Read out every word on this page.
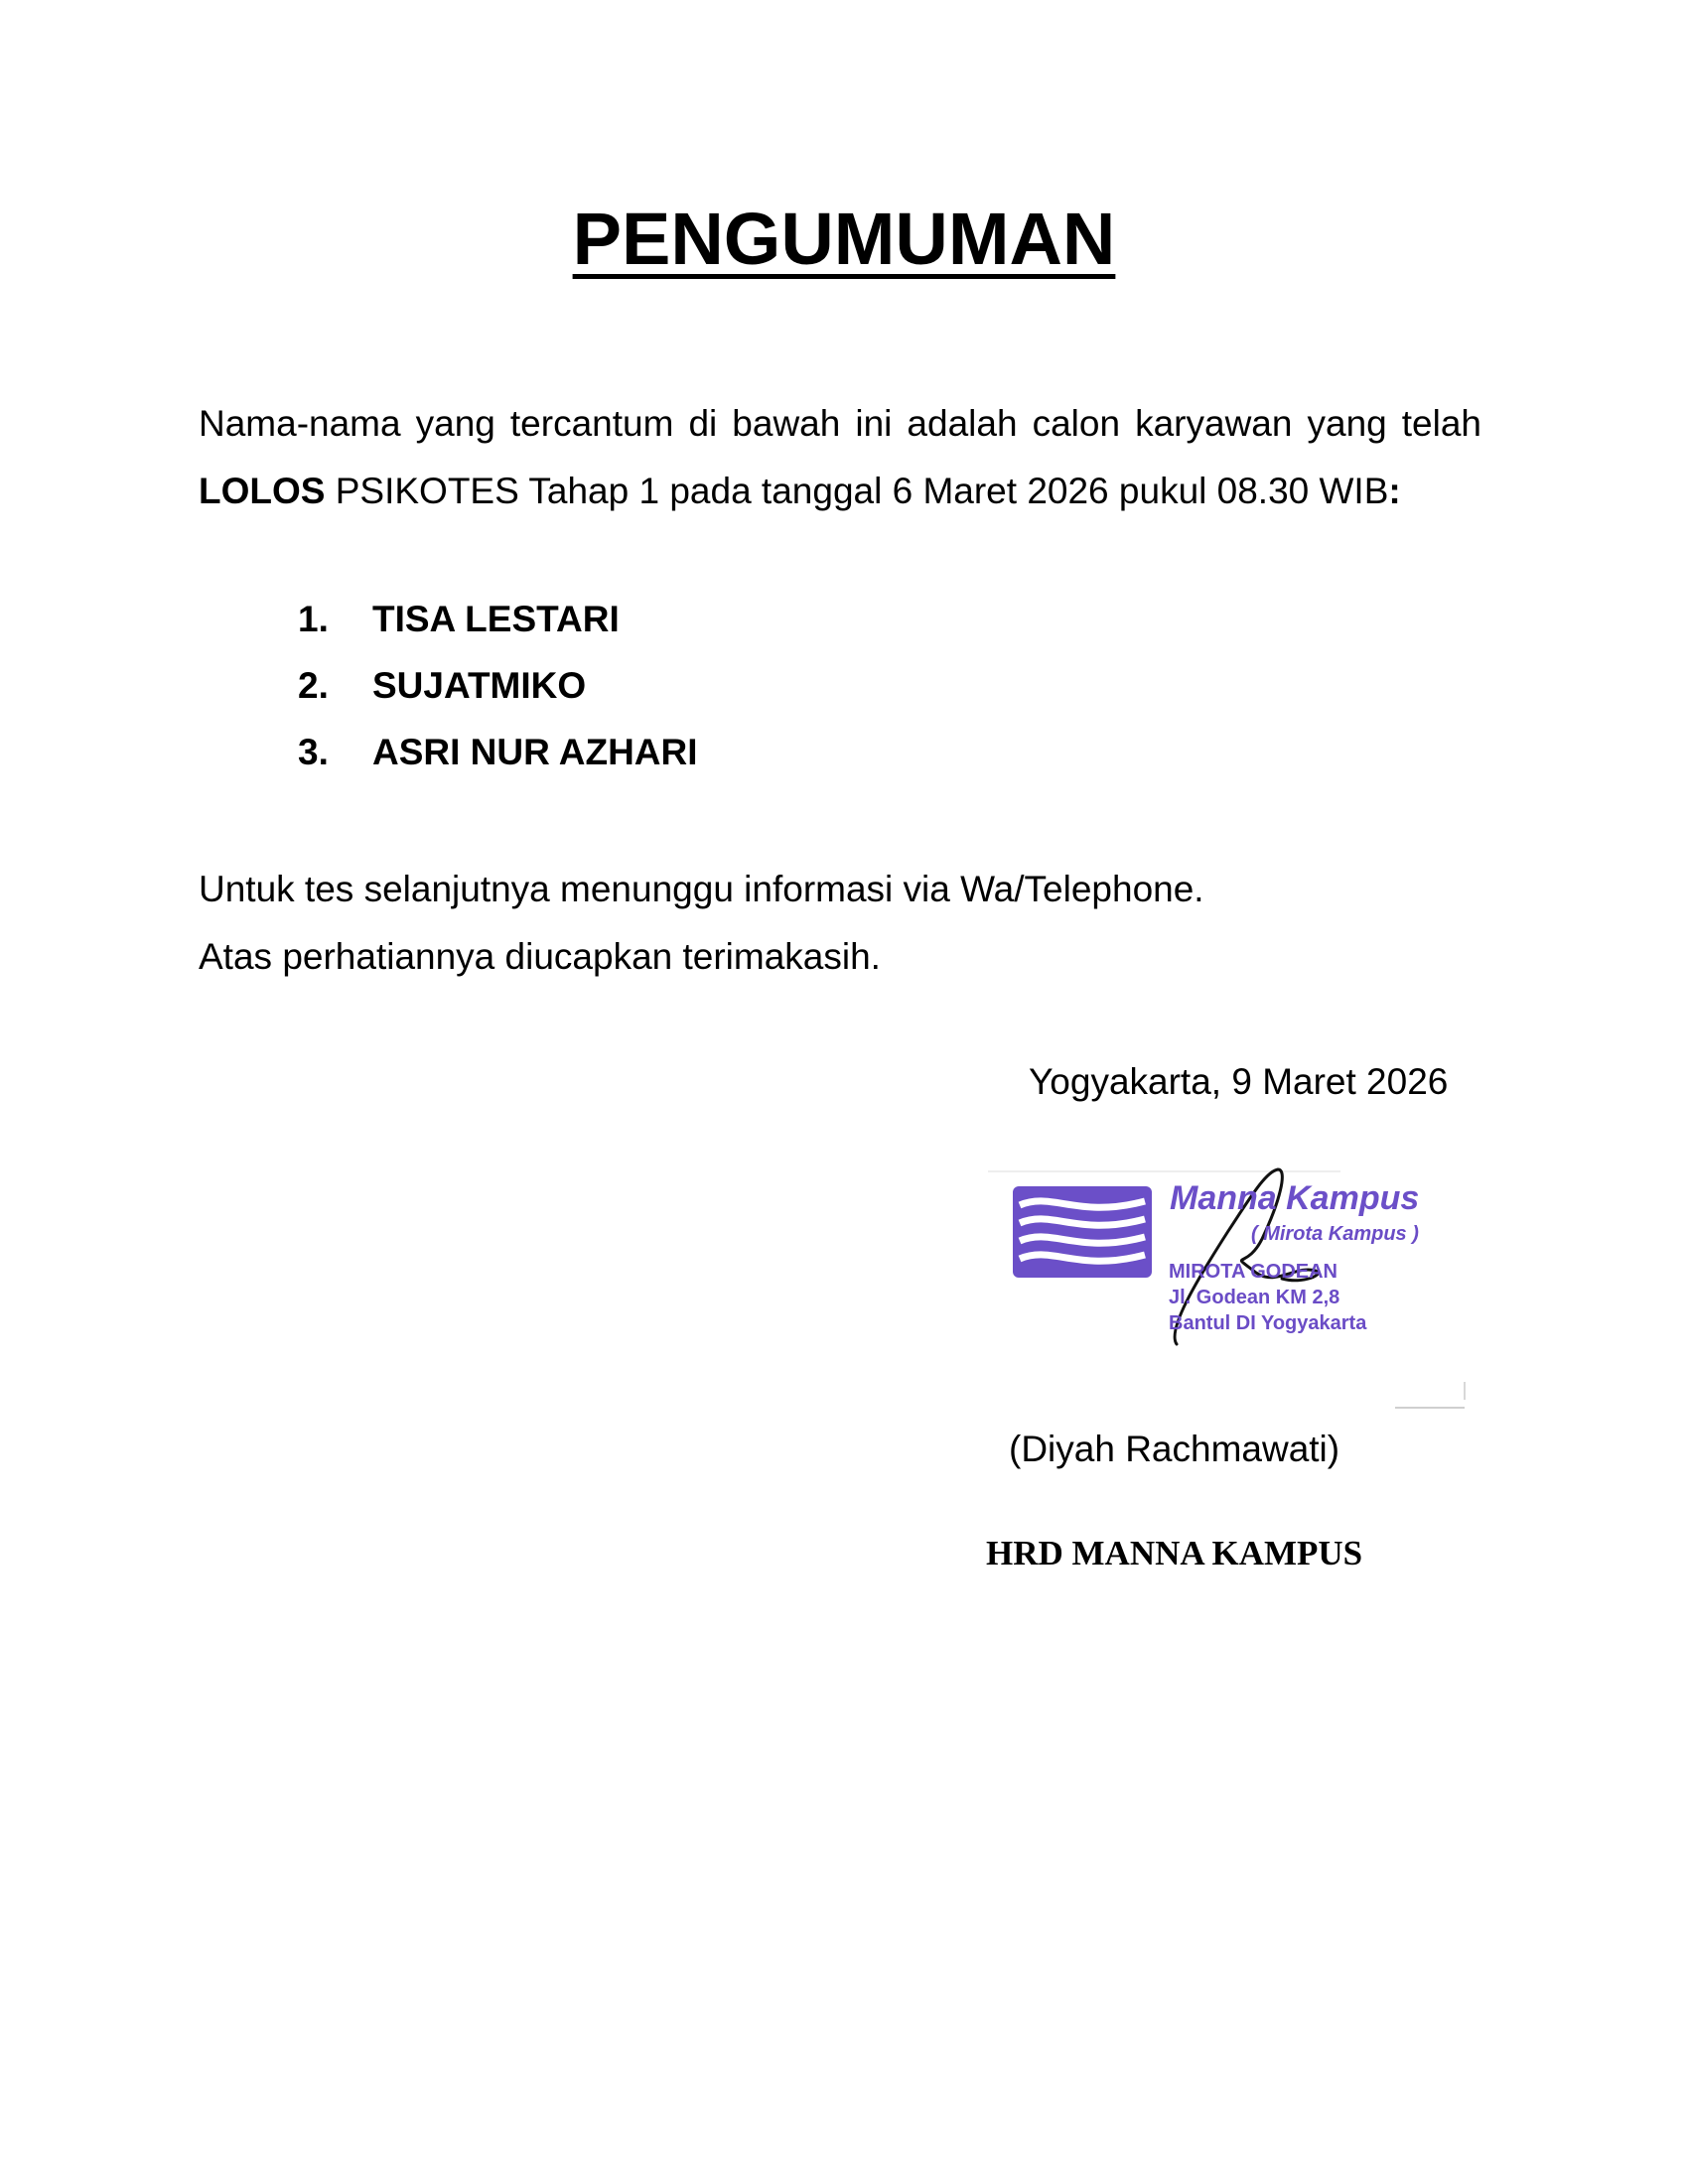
PENGUMUMAN
Nama-nama yang tercantum di bawah ini adalah calon karyawan yang telah LOLOS PSIKOTES Tahap 1 pada tanggal 6 Maret 2026 pukul 08.30 WIB:
1.	TISA LESTARI
2.	SUJATMIKO
3.	ASRI NUR AZHARI
Untuk tes selanjutnya menunggu informasi via Wa/Telephone.
Atas perhatiannya diucapkan terimakasih.
Yogyakarta, 9 Maret 2026
Manna Kampus
( Mirota Kampus )
MIROTA GODEAN
Jl. Godean KM 2,8
Bantul DI Yogyakarta
(Diyah Rachmawati)
HRD MANNA KAMPUS
